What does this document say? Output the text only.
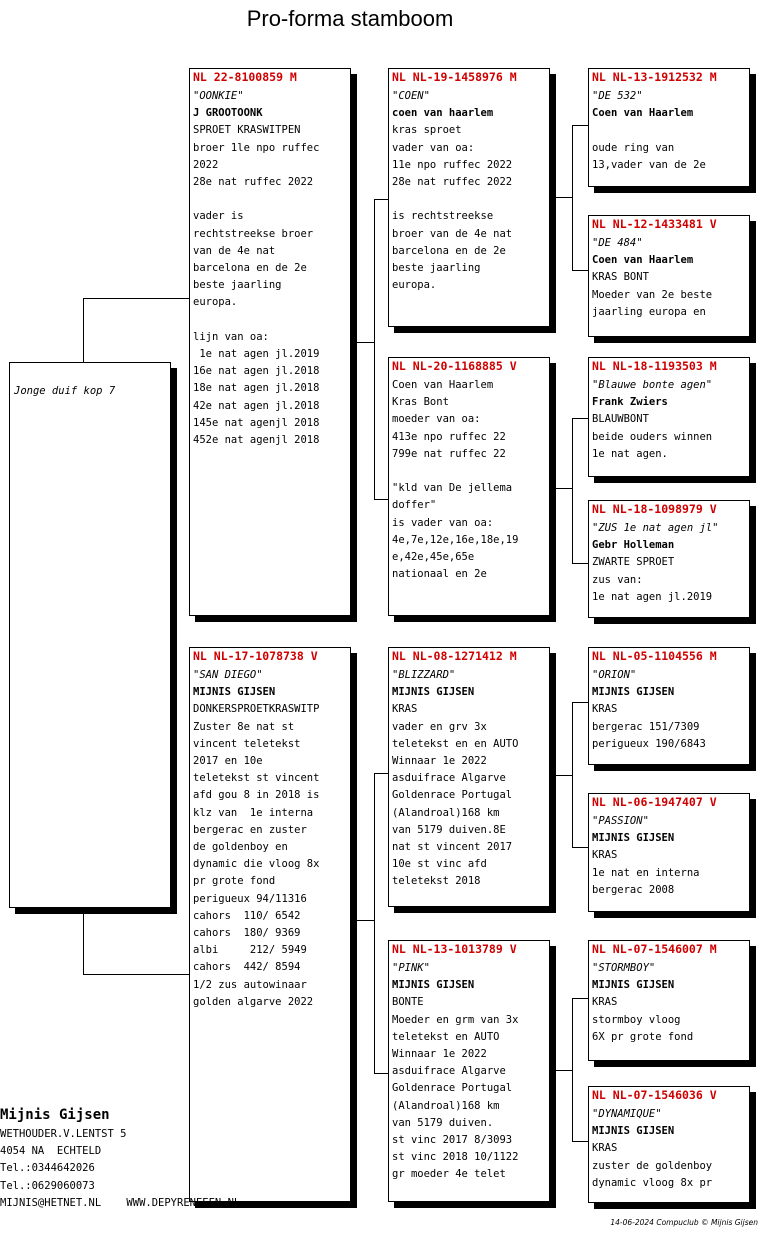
Pro-forma stamboom
Jonge duif kop 7
NL 22-8100859 M
"OONKIE"
J GROOTOONK
SPROET KRASWITPEN
broer 1le npo ruffec
2022
28e nat ruffec 2022

vader is
rechtstreekse broer
van de 4e nat
barcelona en de 2e
beste jaarling
europa.

lijn van oa:
1e nat agen jl.2019
16e nat agen jl.2018
18e nat agen jl.2018
42e nat agen jl.2018
145e nat agenjl 2018
452e nat agenjl 2018
NL NL-17-1078738 V
"SAN DIEGO"
MIJNIS GIJSEN
DONKERSPROETKRASWITP
Zuster 8e nat st
vincent teletekst
2017 en 10e
teletekst st vincent
afd gou 8 in 2018 is
klz van  1e interna
bergerac en zuster
de goldenboy en
dynamic die vloog 8x
pr grote fond
perigueux 94/11316
cahors  110/ 6542
cahors  180/ 9369
albi     212/ 5949
cahors  442/ 8594
1/2 zus autowinaar
golden algarve 2022
NL NL-19-1458976 M
"COEN"
coen van haarlem
kras sproet
vader van oa:
11e npo ruffec 2022
28e nat ruffec 2022

is rechtstreekse
broer van de 4e nat
barcelona en de 2e
beste jaarling
europa.
NL NL-20-1168885 V
Coen van Haarlem
Kras Bont
moeder van oa:
413e npo ruffec 22
799e nat ruffec 22

"kld van De jellema
doffer"
is vader van oa:
4e,7e,12e,16e,18e,19
e,42e,45e,65e
nationaal en 2e
NL NL-08-1271412 M
"BLIZZARD"
MIJNIS GIJSEN
KRAS
vader en grv 3x
teletekst en en AUTO
Winnaar 1e 2022
asduifrace Algarve
Goldenrace Portugal
(Alandroal)168 km
van 5179 duiven.8E
nat st vincent 2017
10e st vinc afd
teletekst 2018
NL NL-13-1013789 V
"PINK"
MIJNIS GIJSEN
BONTE
Moeder en grm van 3x
teletekst en AUTO
Winnaar 1e 2022
asduifrace Algarve
Goldenrace Portugal
(Alandroal)168 km
van 5179 duiven.
st vinc 2017 8/3093
st vinc 2018 10/1122
gr moeder 4e telet
NL NL-13-1912532 M
"DE 532"
Coen van Haarlem

oude ring van
13,vader van de 2e
NL NL-12-1433481 V
"DE 484"
Coen van Haarlem
KRAS BONT
Moeder van 2e beste
jaarling europa en
NL NL-18-1193503 M
"Blauwe bonte agen"
Frank Zwiers
BLAUWBONT
beide ouders winnen
1e nat agen.
NL NL-18-1098979 V
"ZUS 1e nat agen jl"
Gebr Holleman
ZWARTE SPROET
zus van:
1e nat agen jl.2019
NL NL-05-1104556 M
"ORION"
MIJNIS GIJSEN
KRAS
bergerac 151/7309
perigueux 190/6843
NL NL-06-1947407 V
"PASSION"
MIJNIS GIJSEN
KRAS
1e nat en interna
bergerac 2008
NL NL-07-1546007 M
"STORMBOY"
MIJNIS GIJSEN
KRAS
stormboy vloog
6X pr grote fond
NL NL-07-1546036 V
"DYNAMIQUE"
MIJNIS GIJSEN
KRAS
zuster de goldenboy
dynamic vloog 8x pr
Mijnis Gijsen
WETHOUDER.V.LENTST 5
4054 NA  ECHTELD
Tel.:0344642026
Tel.:0629060073
MIJNIS@HETNET.NL    WWW.DEPYRENEEEN.NL
14-06-2024 Compuclub © Mijnis Gijsen
